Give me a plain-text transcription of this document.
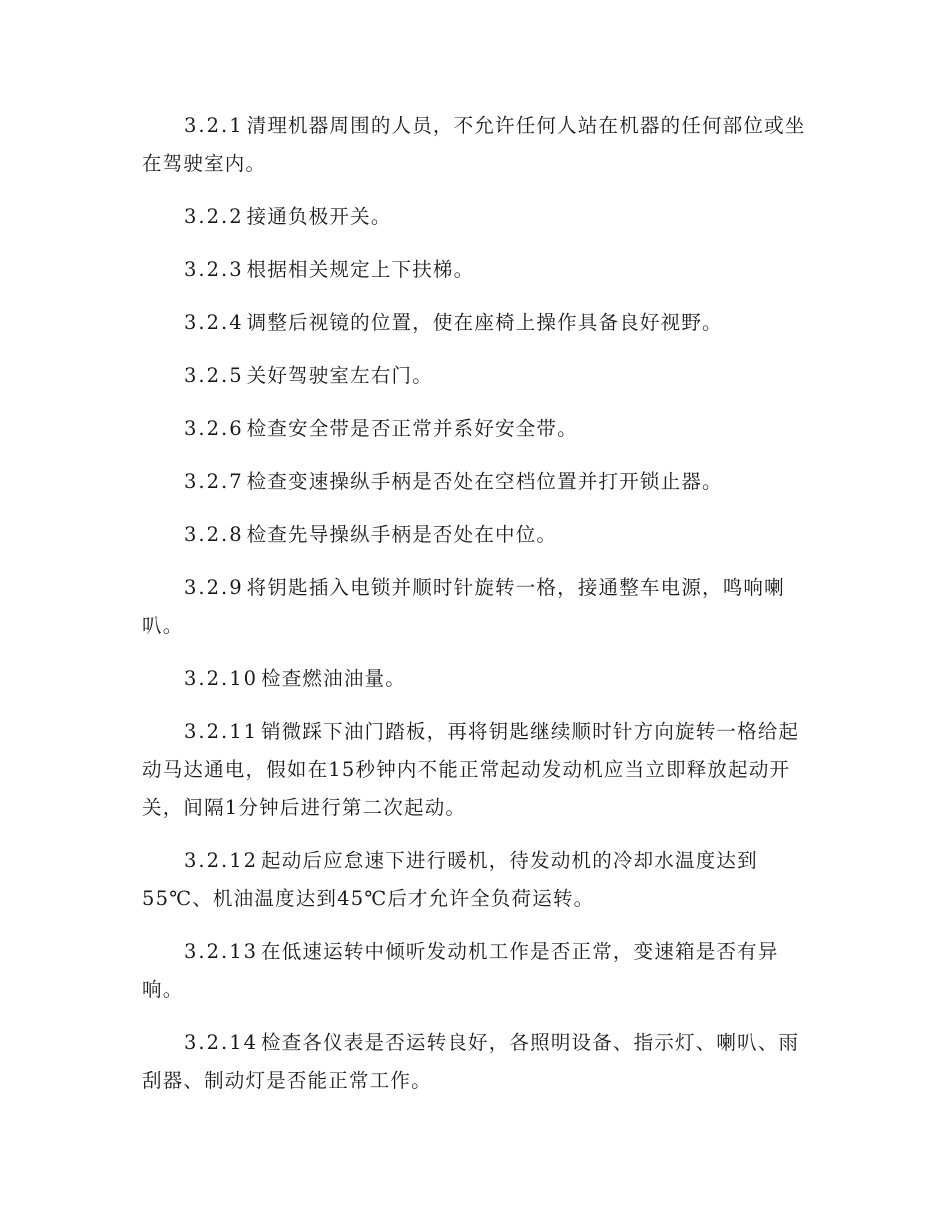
3.2.1 清理机器周围的人员，不允许任何人站在机器的任何部位或坐在驾驶室内。

3.2.2 接通负极开关。

3.2.3 根据相关规定上下扶梯。

3.2.4 调整后视镜的位置，使在座椅上操作具备良好视野。

3.2.5 关好驾驶室左右门。

3.2.6 检查安全带是否正常并系好安全带。

3.2.7 检查变速操纵手柄是否处在空档位置并打开锁止器。

3.2.8 检查先导操纵手柄是否处在中位。

3.2.9 将钥匙插入电锁并顺时针旋转一格，接通整车电源，鸣响喇叭。

3.2.10 检查燃油油量。

3.2.11 销微踩下油门踏板，再将钥匙继续顺时针方向旋转一格给起动马达通电，假如在15秒钟内不能正常起动发动机应当立即释放起动开关，间隔1分钟后进行第二次起动。

3.2.12 起动后应怠速下进行暖机，待发动机的冷却水温度达到55℃、机油温度达到45℃后才允许全负荷运转。

3.2.13 在低速运转中倾听发动机工作是否正常，变速箱是否有异响。

3.2.14 检查各仪表是否运转良好，各照明设备、指示灯、喇叭、雨刮器、制动灯是否能正常工作。
